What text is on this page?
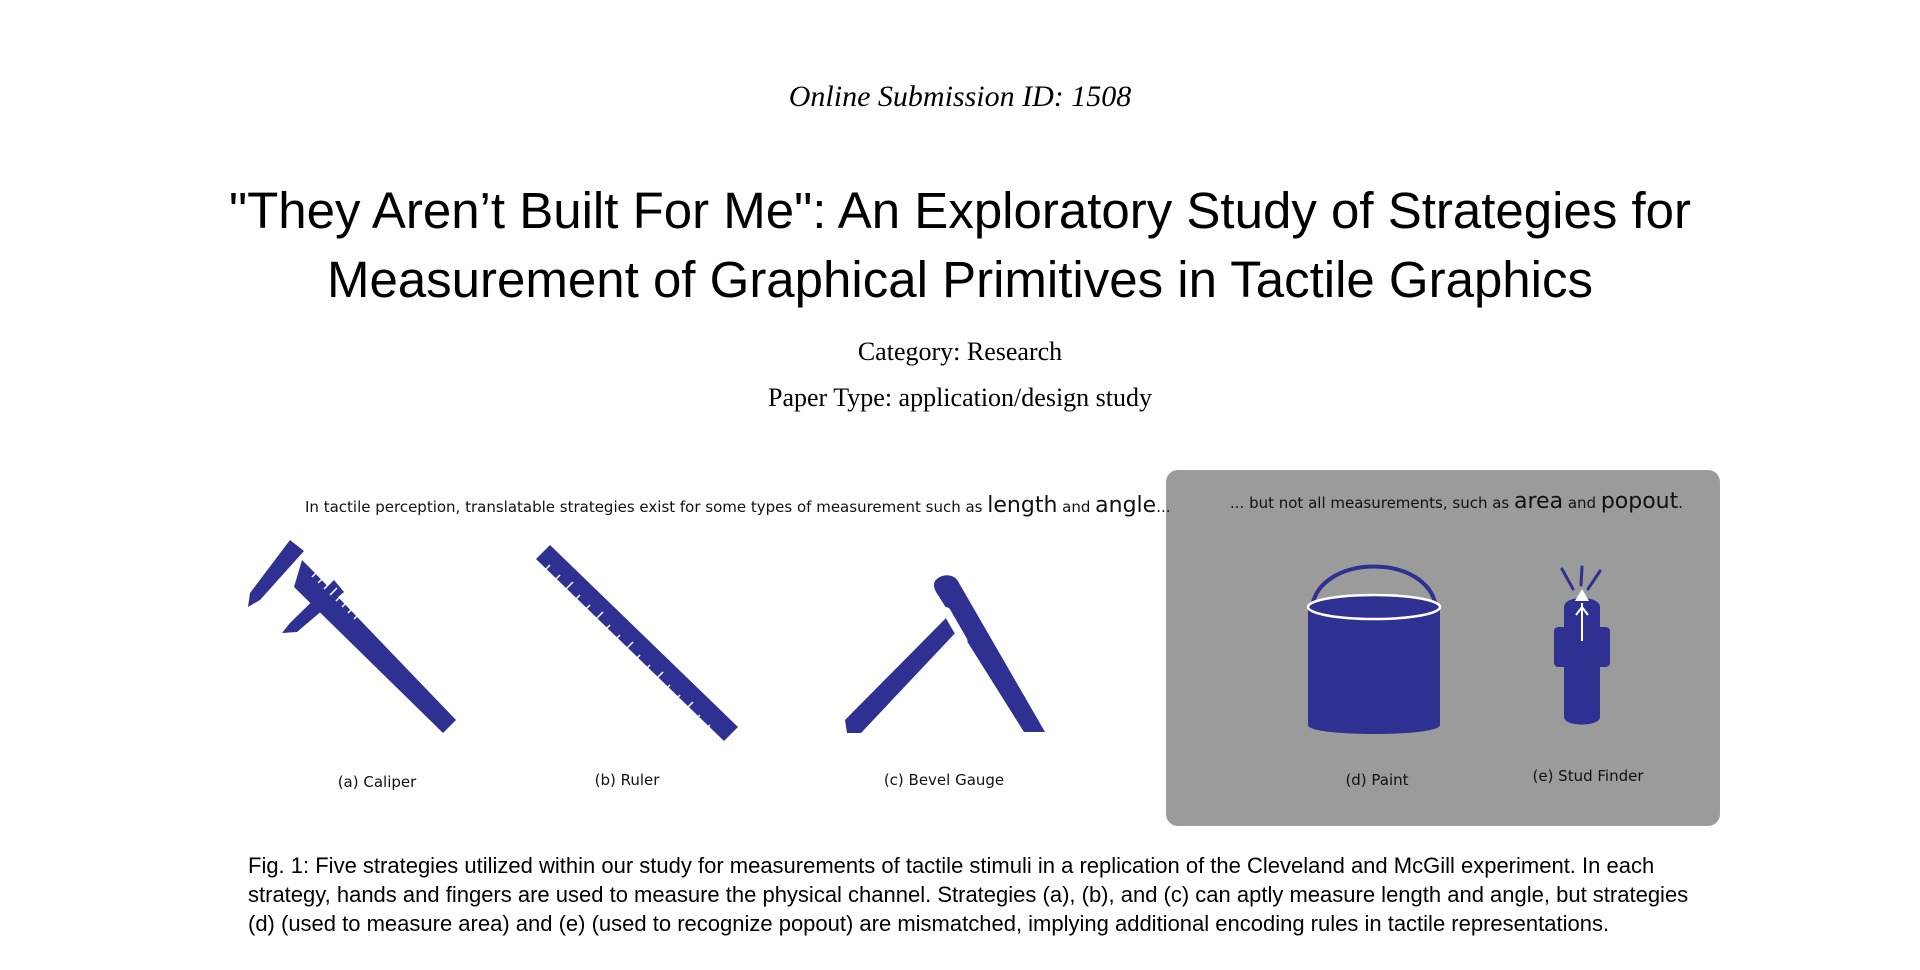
Online Submission ID: 1508
"They Aren’t Built For Me": An Exploratory Study of Strategies for
Measurement of Graphical Primitives in Tactile Graphics
Category: Research
Paper Type: application/design study
In tactile perception, translatable strategies exist for some types of measurement such as length and angle...	... but not all measurements, such as area and popout.
(a) Caliper	(b) Ruler	(c) Bevel Gauge	(d) Paint	(e) Stud Finder
Fig. 1: Five strategies utilized within our study for measurements of tactile stimuli in a replication of the Cleveland and McGill experiment. In each strategy, hands and fingers are used to measure the physical channel. Strategies (a), (b), and (c) can aptly measure length and angle, but strategies (d) (used to measure area) and (e) (used to recognize popout) are mismatched, implying additional encoding rules in tactile representations.
